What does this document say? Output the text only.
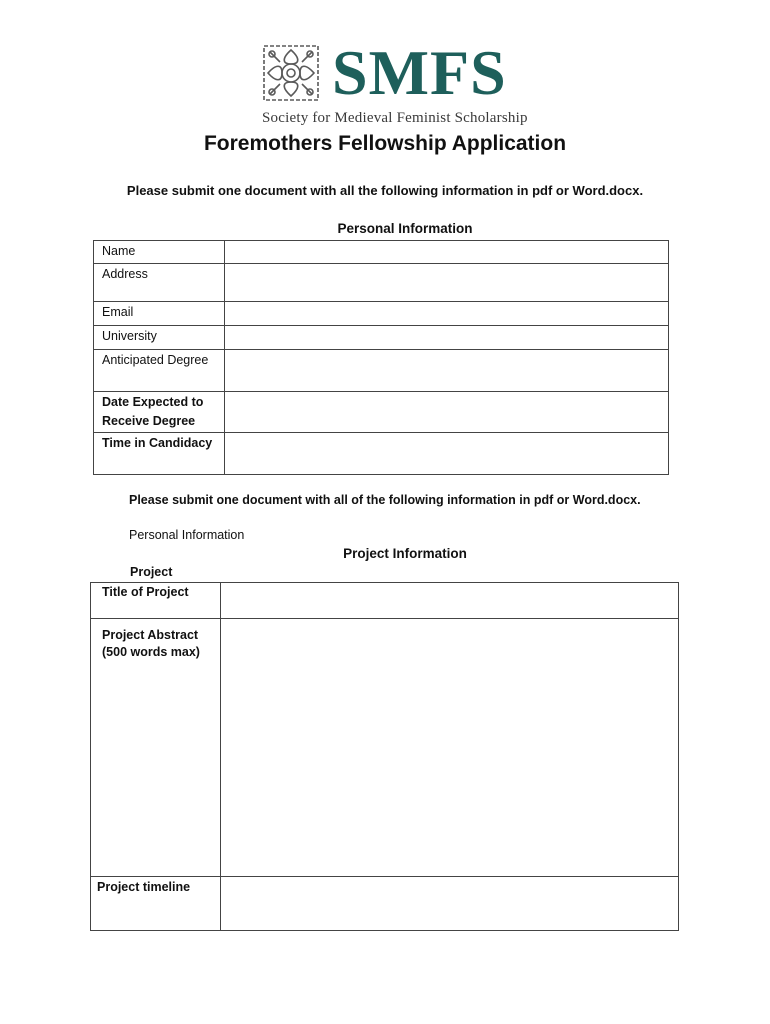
SMFS
Society for Medieval Feminist Scholarship
Foremothers Fellowship Application
Please submit one document with all the following information in pdf or Word.docx.
Personal Information
Name	
Address	
Email	
University	
Anticipated Degree	
Date Expected to Receive Degree	
Time in Candidacy	
Please submit one document with all of the following information in pdf or Word.docx.
Personal Information
Project Information
Project
Title of Project	
Project Abstract (500 words max)	
Project timeline	
